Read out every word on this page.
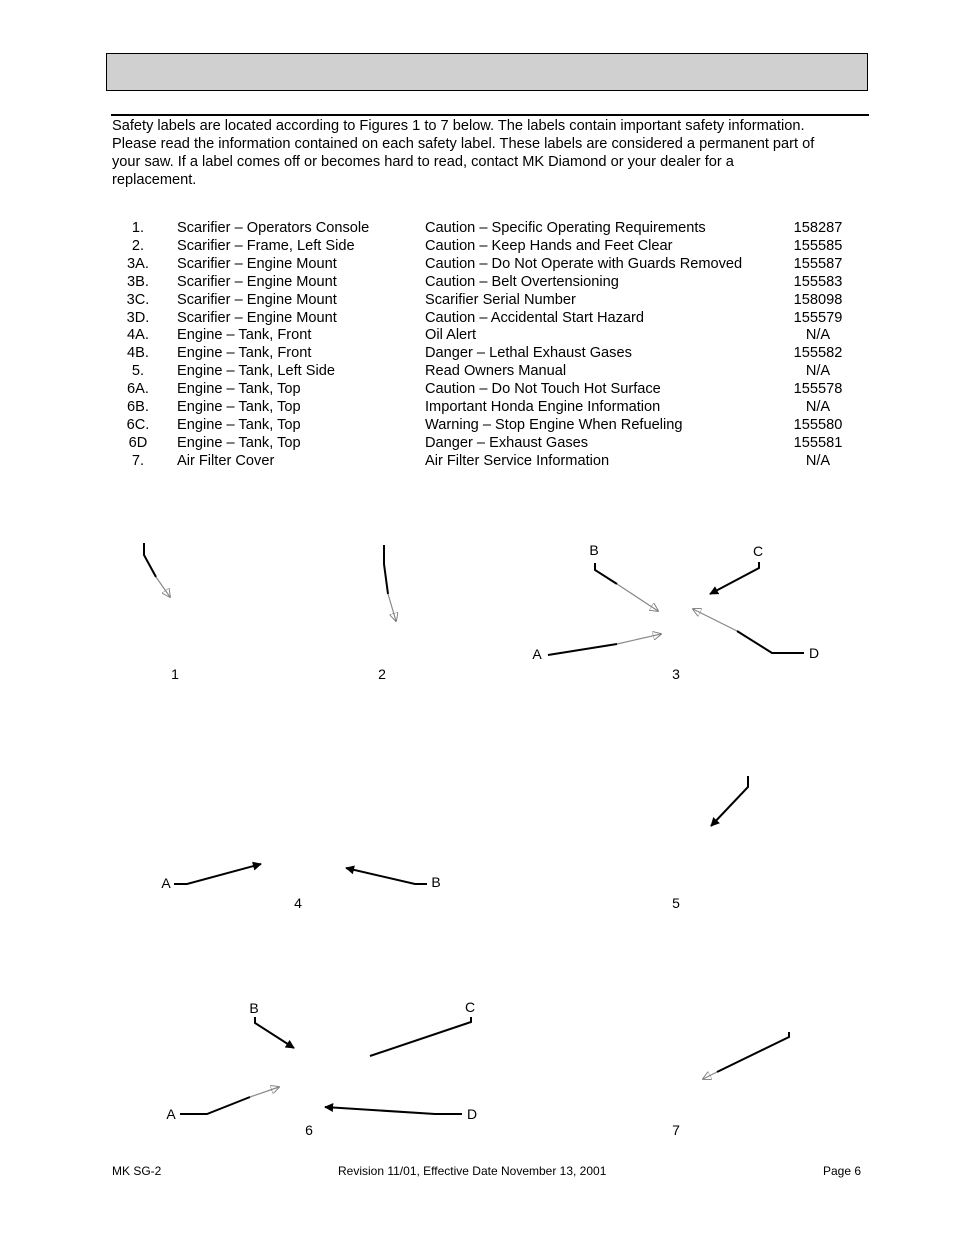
Safety labels are located according to Figures 1 to 7 below. The labels contain important safety information.
Please read the information contained on each safety label. These labels are considered a permanent part of
your saw. If a label comes off or becomes hard to read, contact MK Diamond or your dealer for a
replacement.
1.	Scarifier – Operators Console	Caution – Specific Operating Requirements	158287
2.	Scarifier – Frame, Left Side	Caution – Keep Hands and Feet Clear	155585
3A.	Scarifier – Engine Mount	Caution – Do Not Operate with Guards Removed	155587
3B.	Scarifier – Engine Mount	Caution – Belt Overtensioning	155583
3C.	Scarifier – Engine Mount	Scarifier Serial Number	158098
3D.	Scarifier – Engine Mount	Caution – Accidental Start Hazard	155579
4A.	Engine – Tank, Front	Oil Alert	N/A
4B.	Engine – Tank, Front	Danger – Lethal Exhaust Gases	155582
5.	Engine – Tank, Left Side	Read Owners Manual	N/A
6A.	Engine – Tank, Top	Caution – Do Not Touch Hot Surface	155578
6B.	Engine – Tank, Top	Important Honda Engine Information	N/A
6C.	Engine – Tank, Top	Warning – Stop Engine When Refueling	155580
6D	Engine – Tank, Top	Danger – Exhaust Gases	155581
7.	Air Filter Cover	Air Filter Service Information	N/A
1	2
B	C
A	D
3
A	B
4	5
B	C
A	D
6	7
MK SG-2	Revision 11/01, Effective Date November 13, 2001	Page 6
